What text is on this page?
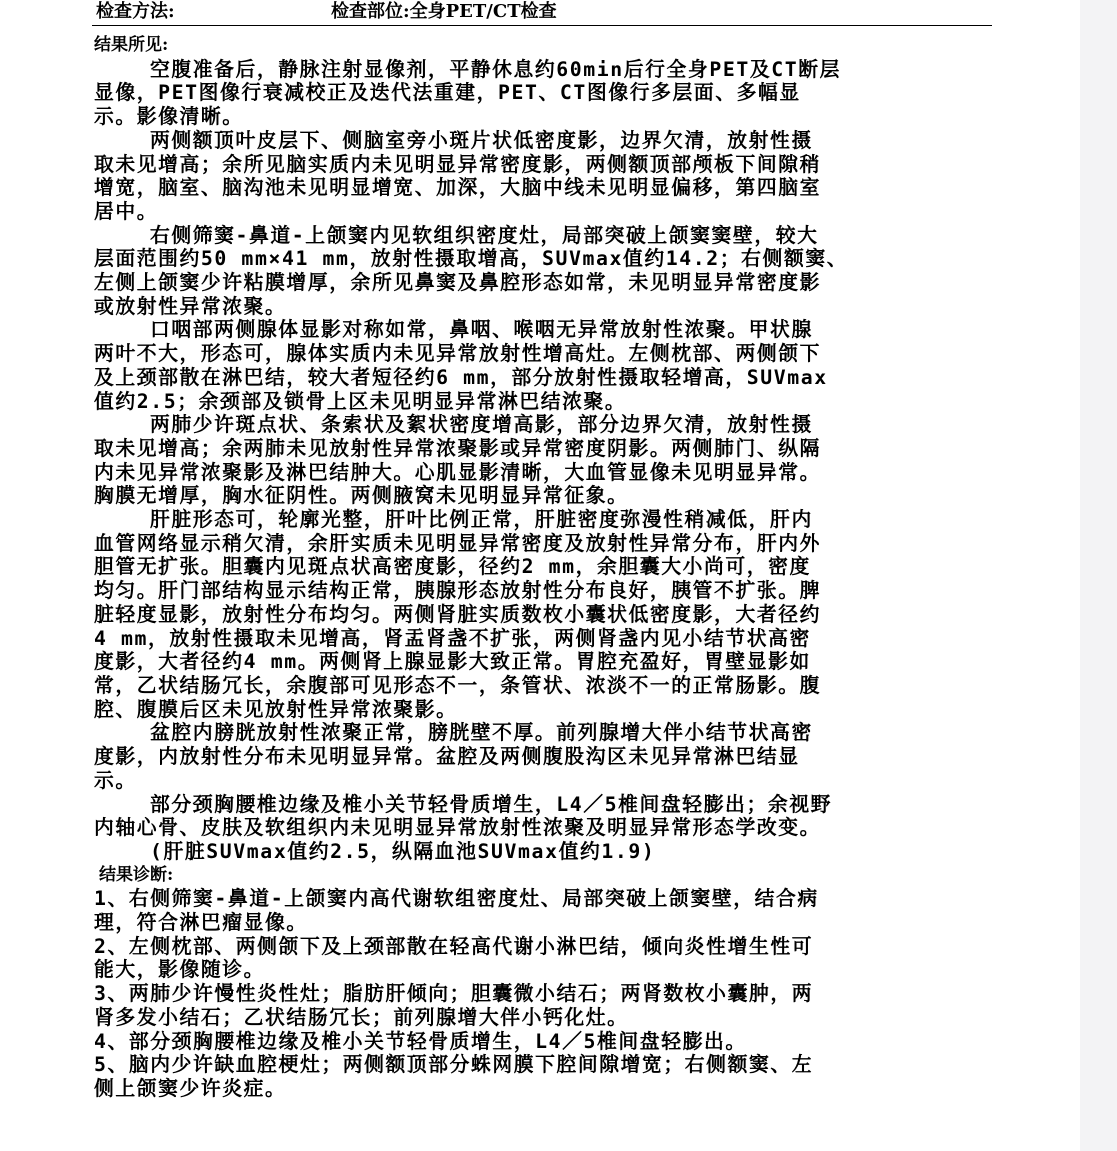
检查方法:	检查部位:全身PET/CT检查
结果所见:
空腹准备后，静脉注射显像剂，平静休息约60min后行全身PET及CT断层
显像，PET图像行衰减校正及迭代法重建，PET、CT图像行多层面、多幅显
示。影像清晰。
两侧额顶叶皮层下、侧脑室旁小斑片状低密度影，边界欠清，放射性摄
取未见增高；余所见脑实质内未见明显异常密度影，两侧额顶部颅板下间隙稍
增宽，脑室、脑沟池未见明显增宽、加深，大脑中线未见明显偏移，第四脑室
居中。
右侧筛窦-鼻道-上颌窦内见软组织密度灶，局部突破上颌窦窦壁，较大
层面范围约50 mm×41 mm，放射性摄取增高，SUVmax值约14.2；右侧额窦、
左侧上颌窦少许粘膜增厚，余所见鼻窦及鼻腔形态如常，未见明显异常密度影
或放射性异常浓聚。
口咽部两侧腺体显影对称如常，鼻咽、喉咽无异常放射性浓聚。甲状腺
两叶不大，形态可，腺体实质内未见异常放射性增高灶。左侧枕部、两侧颌下
及上颈部散在淋巴结，较大者短径约6 mm，部分放射性摄取轻增高，SUVmax
值约2.5；余颈部及锁骨上区未见明显异常淋巴结浓聚。
两肺少许斑点状、条索状及絮状密度增高影，部分边界欠清，放射性摄
取未见增高；余两肺未见放射性异常浓聚影或异常密度阴影。两侧肺门、纵隔
内未见异常浓聚影及淋巴结肿大。心肌显影清晰，大血管显像未见明显异常。
胸膜无增厚，胸水征阴性。两侧腋窝未见明显异常征象。
肝脏形态可，轮廓光整，肝叶比例正常，肝脏密度弥漫性稍减低，肝内
血管网络显示稍欠清，余肝实质未见明显异常密度及放射性异常分布，肝内外
胆管无扩张。胆囊内见斑点状高密度影，径约2 mm，余胆囊大小尚可，密度
均匀。肝门部结构显示结构正常，胰腺形态放射性分布良好，胰管不扩张。脾
脏轻度显影，放射性分布均匀。两侧肾脏实质数枚小囊状低密度影，大者径约
4 mm，放射性摄取未见增高，肾盂肾盏不扩张，两侧肾盏内见小结节状高密
度影，大者径约4 mm。两侧肾上腺显影大致正常。胃腔充盈好，胃壁显影如
常，乙状结肠冗长，余腹部可见形态不一，条管状、浓淡不一的正常肠影。腹
腔、腹膜后区未见放射性异常浓聚影。
盆腔内膀胱放射性浓聚正常，膀胱壁不厚。前列腺增大伴小结节状高密
度影，内放射性分布未见明显异常。盆腔及两侧腹股沟区未见异常淋巴结显
示。
部分颈胸腰椎边缘及椎小关节轻骨质增生，L4／5椎间盘轻膨出；余视野
内轴心骨、皮肤及软组织内未见明显异常放射性浓聚及明显异常形态学改变。
(肝脏SUVmax值约2.5，纵隔血池SUVmax值约1.9)
结果诊断:
1、右侧筛窦-鼻道-上颌窦内高代谢软组密度灶、局部突破上颌窦壁，结合病
理，符合淋巴瘤显像。
2、左侧枕部、两侧颌下及上颈部散在轻高代谢小淋巴结，倾向炎性增生性可
能大，影像随诊。
3、两肺少许慢性炎性灶；脂肪肝倾向；胆囊微小结石；两肾数枚小囊肿，两
肾多发小结石；乙状结肠冗长；前列腺增大伴小钙化灶。
4、部分颈胸腰椎边缘及椎小关节轻骨质增生，L4／5椎间盘轻膨出。
5、脑内少许缺血腔梗灶；两侧额顶部分蛛网膜下腔间隙增宽；右侧额窦、左
侧上颌窦少许炎症。
